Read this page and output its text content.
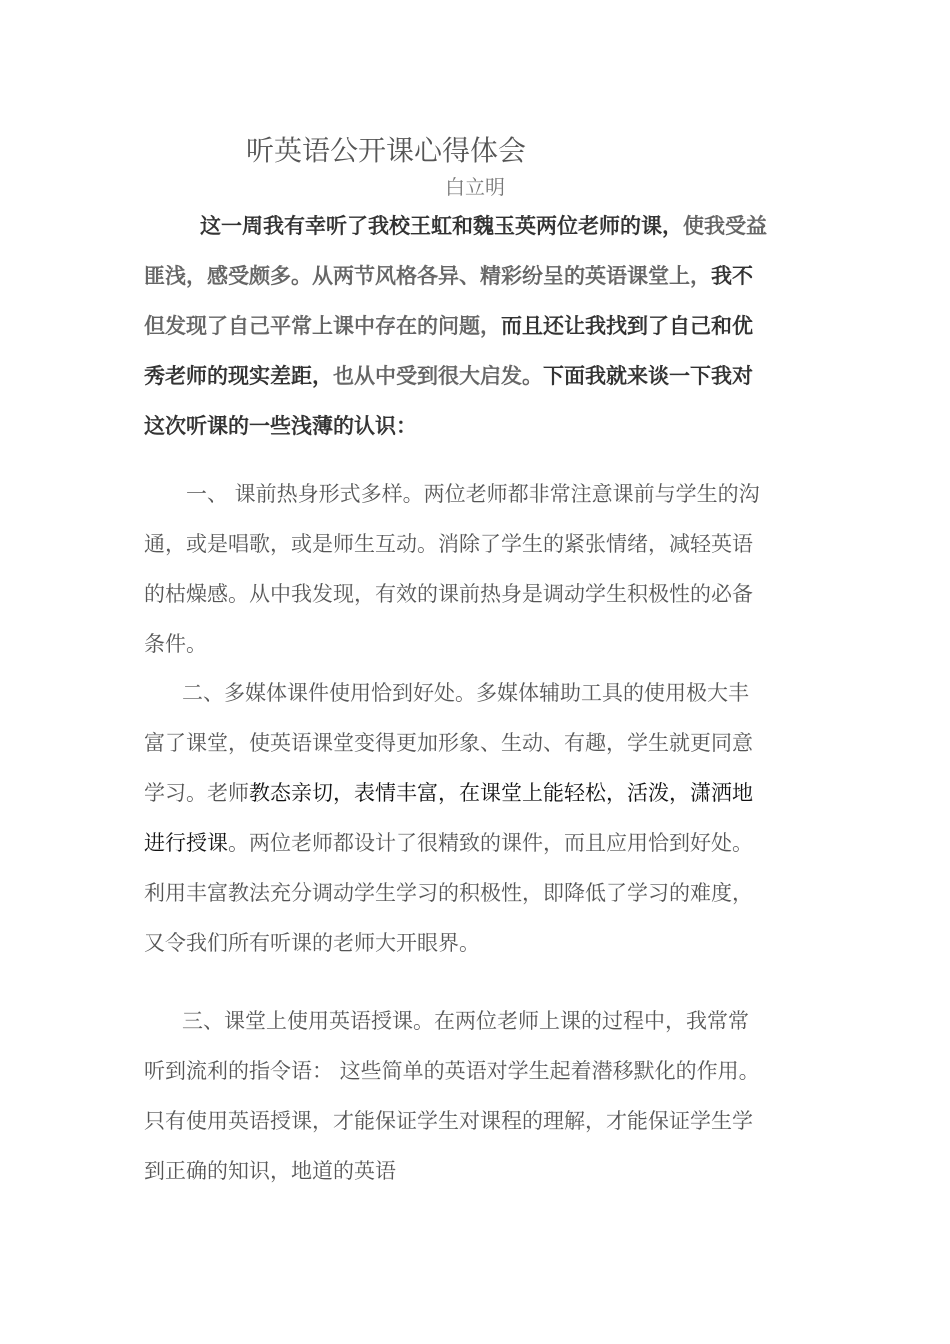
听英语公开课心得体会
白立明
这一周我有幸听了我校王虹和魏玉英两位老师的课，使我受益
匪浅，感受颇多。从两节风格各异、精彩纷呈的英语课堂上，我不
但发现了自己平常上课中存在的问题，而且还让我找到了自己和优
秀老师的现实差距，也从中受到很大启发。下面我就来谈一下我对
这次听课的一些浅薄的认识：
一、 课前热身形式多样。两位老师都非常注意课前与学生的沟
通，或是唱歌，或是师生互动。消除了学生的紧张情绪，减轻英语
的枯燥感。从中我发现，有效的课前热身是调动学生积极性的必备
条件。
二、多媒体课件使用恰到好处。多媒体辅助工具的使用极大丰
富了课堂，使英语课堂变得更加形象、生动、有趣，学生就更同意
学习。老师教态亲切，表情丰富，在课堂上能轻松，活泼，潇洒地
进行授课。两位老师都设计了很精致的课件，而且应用恰到好处。
利用丰富教法充分调动学生学习的积极性，即降低了学习的难度，
又令我们所有听课的老师大开眼界。
三、课堂上使用英语授课。在两位老师上课的过程中，我常常
听到流利的指令语： 这些简单的英语对学生起着潜移默化的作用。
只有使用英语授课，才能保证学生对课程的理解，才能保证学生学
到正确的知识，地道的英语
